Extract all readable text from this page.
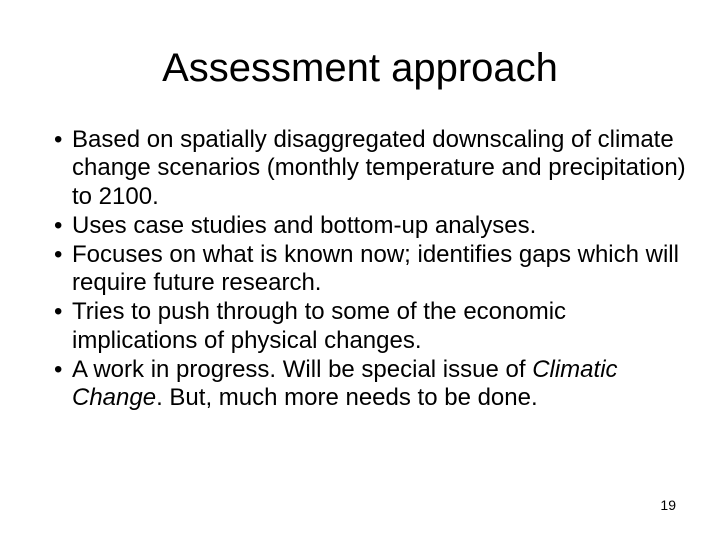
Assessment approach
• Based on spatially disaggregated downscaling of climate change scenarios (monthly temperature and precipitation) to 2100.
• Uses case studies and bottom-up analyses.
• Focuses on what is known now; identifies gaps which will require future research.
• Tries to push through to some of the economic implications of physical changes.
• A work in progress. Will be special issue of Climatic Change. But, much more needs to be done.
19
